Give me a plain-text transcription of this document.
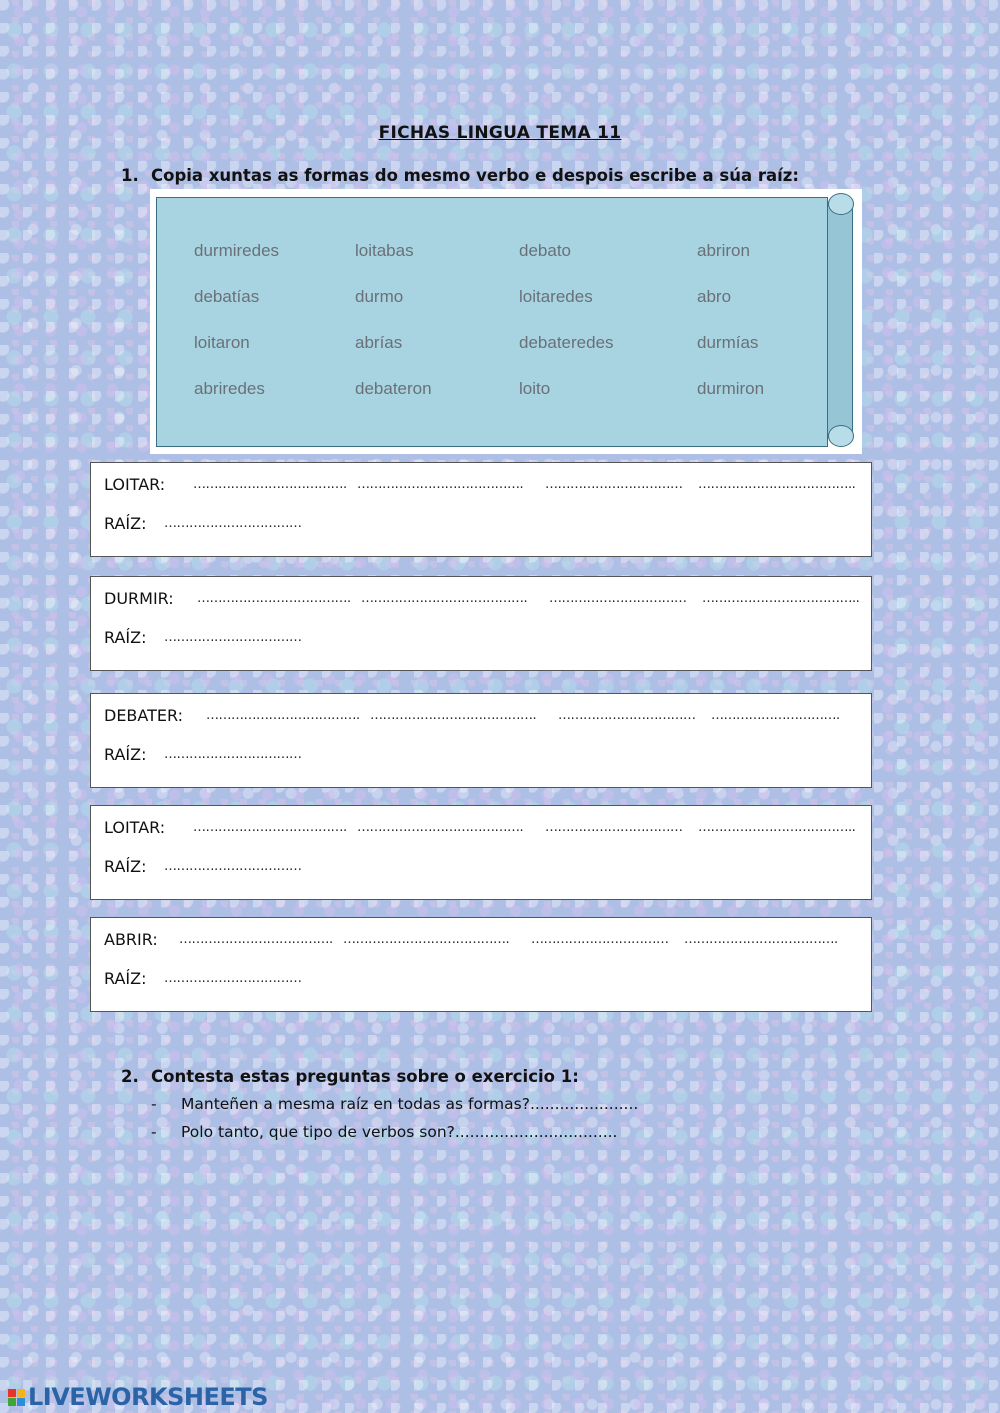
FICHAS LINGUA TEMA 11
1. Copia xuntas as formas do mesmo verbo e despois escribe a súa raíz:
durmiredes	loitabas	debato	abriron
debatías	durmo	loitaredes	abro
loitaron	abrías	debateredes	durmías
abriredes	debateron	loito	durmiron
LOITAR: ………………………………. …………………………………. …………………………… ………………………………..
RAÍZ: ……………………………
DURMIR: ………………………………. …………………………………. …………………………… ………………………………..
RAÍZ: ……………………………
DEBATER: ………………………………. …………………………………. …………………………… ………………………….
RAÍZ: ……………………………
LOITAR: ………………………………. …………………………………. …………………………… ………………………………..
RAÍZ: ……………………………
ABRIR: ………………………………. …………………………………. …………………………… ……………………………….
RAÍZ: ……………………………
2. Contesta estas preguntas sobre o exercicio 1:
- Manteñen a mesma raíz en todas as formas?......................
- Polo tanto, que tipo de verbos son?.................................
LIVEWORKSHEETS
